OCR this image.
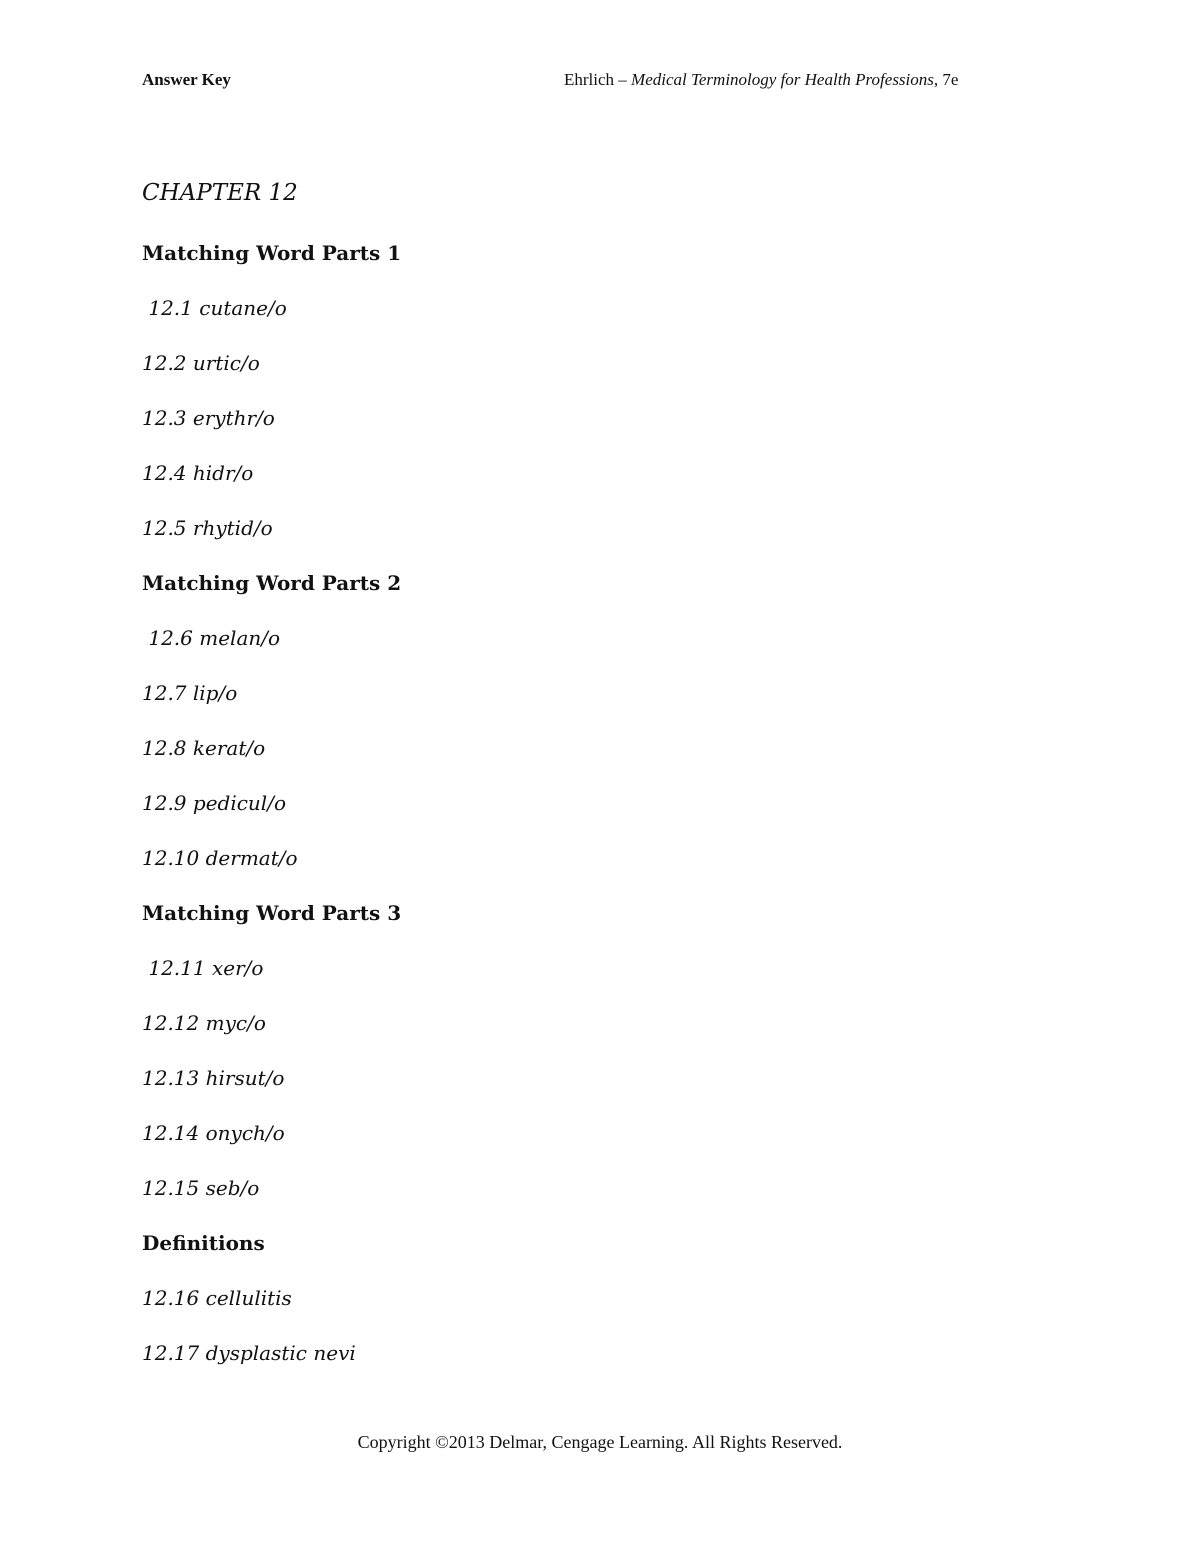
Answer Key	Ehrlich – Medical Terminology for Health Professions, 7e
CHAPTER 12

Matching Word Parts 1

12.1 cutane/o

12.2 urtic/o

12.3 erythr/o

12.4 hidr/o

12.5 rhytid/o

Matching Word Parts 2

12.6 melan/o

12.7 lip/o

12.8 kerat/o

12.9 pedicul/o

12.10 dermat/o

Matching Word Parts 3

12.11 xer/o

12.12 myc/o

12.13 hirsut/o

12.14 onych/o

12.15 seb/o

Definitions

12.16 cellulitis

12.17 dysplastic nevi

Copyright ©2013 Delmar, Cengage Learning. All Rights Reserved.
